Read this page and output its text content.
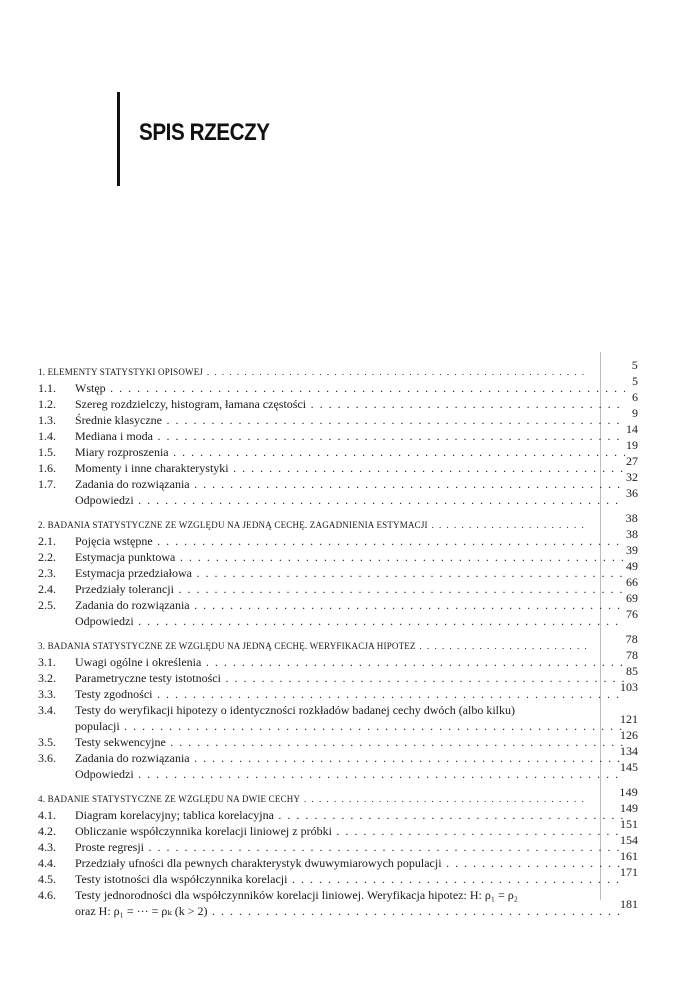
SPIS RZECZY
1. ELEMENTY STATYSTYKI OPISOWEJ . . .	5
1.1.	Wstęp . . .	5
1.2.	Szereg rozdzielczy, histogram, łamana częstości . . .	6
1.3.	Średnie klasyczne . . .	9
1.4.	Mediana i moda . . .	14
1.5.	Miary rozproszenia . . .	19
1.6.	Momenty i inne charakterystyki . . .	27
1.7.	Zadania do rozwiązania . . .	32
Odpowiedzi . . .	36
2. BADANIA STATYSTYCZNE ZE WZGLĘDU NA JEDNĄ CECHĘ. ZAGADNIENIA ESTYMACJI . . .	38
2.1.	Pojęcia wstępne . . .	38
2.2.	Estymacja punktowa . . .	39
2.3.	Estymacja przedziałowa . . .	49
2.4.	Przedziały tolerancji . . .	66
2.5.	Zadania do rozwiązania . . .	69
Odpowiedzi . . .	76
3. BADANIA STATYSTYCZNE ZE WZGLĘDU NA JEDNĄ CECHĘ. WERYFIKACJA HIPOTEZ . . .	78
3.1.	Uwagi ogólne i określenia . . .	78
3.2.	Parametryczne testy istotności . . .	85
3.3.	Testy zgodności . . .	103
3.4.	Testy do weryfikacji hipotezy o identyczności rozkładów badanej cechy dwóch (albo kilku)
populacji . . .	121
3.5.	Testy sekwencyjne . . .	126
3.6.	Zadania do rozwiązania . . .	134
Odpowiedzi . . .	145
4. BADANIE STATYSTYCZNE ZE WZGLĘDU NA DWIE CECHY . . .	149
4.1.	Diagram korelacyjny; tablica korelacyjna . . .	149
4.2.	Obliczanie współczynnika korelacji liniowej z próbki . . .	151
4.3.	Proste regresji . . .	154
4.4.	Przedziały ufności dla pewnych charakterystyk dwuwymiarowych populacji . . .	161
4.5.	Testy istotności dla współczynnika korelacji . . .	171
4.6.	Testy jednorodności dla współczynników korelacji liniowej. Weryfikacja hipotez: H: ρ₁ = ρ₂
oraz H: ρ₁ = ··· = ρₖ (k > 2) . . .	181
